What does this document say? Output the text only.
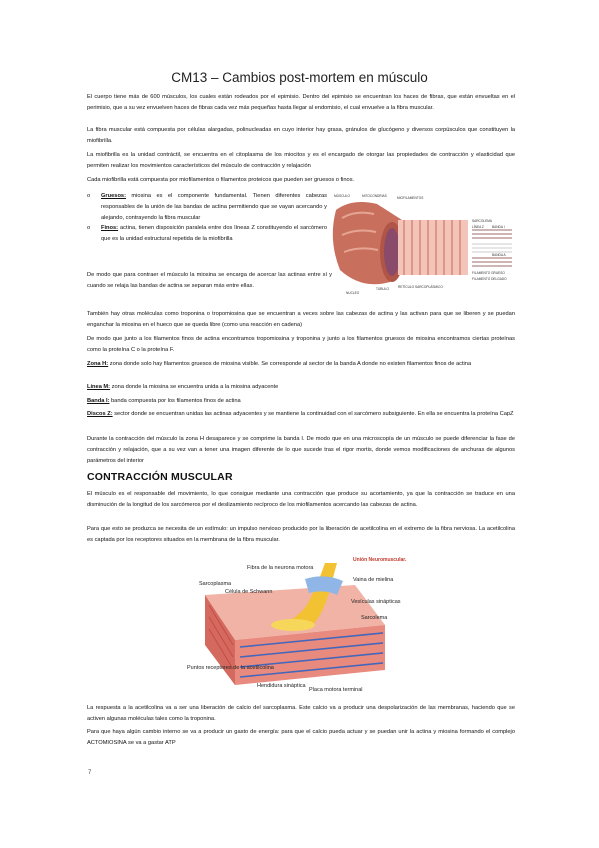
CM13 – Cambios post-mortem en músculo

El cuerpo tiene más de 600 músculos, los cuales están rodeados por el epimisio. Dentro del epimisio se encuentran los haces de fibras, que están envueltas en el perimisio, que a su vez envuelven haces de fibras cada vez más pequeñas hasta llegar al endomisio, el cual envuelve a la fibra muscular.

La fibra muscular está compuesta por células alargadas, polinucleadas en cuyo interior hay grasa, gránulos de glucógeno y diversos corpúsculos que constituyen la miofibrilla.

La miofibrilla es la unidad contráctil, se encuentra en el citoplasma de los miocitos y es el encargado de otorgar las propiedades de contracción y elasticidad que permiten realizar los movimientos característicos del músculo de contracción y relajación

Cada miofibrilla está compuesta por miofilamentos o filamentos proteicos que pueden ser gruesos o finos.

o Gruesos: miosina es el componente fundamental. Tienen diferentes cabezas responsables de la unión de las bandas de actina permitiendo que se vayan acercando y alejando, contrayendo la fibra muscular
o Finos: actina, tienen disposición paralela entre dos líneas Z constituyendo el sarcómero que es la unidad estructural repetida de la miofibrilla

De modo que para contraer el músculo la miosina se encarga de acercar las actinas entre sí y cuando se relaja las bandas de actina se separan más entre ellas.

MÚSCULO	MITOCONDRIAS	MIOFILAMENTOS
SARCOLEMA
NUCLEO
TÚBULO	RETÍCULO SARCOPLÁSMICO
LÍNEA Z	BANDA I
BANDA A
FILAMENTO GRUESO
FILAMENTO DELGADO

También hay otras moléculas como troponina o tropomiosina que se encuentran a veces sobre las cabezas de actina y las activan para que se liberen y se puedan enganchar la miosina en el hueco que se queda libre (como una reacción en cadena)

De modo que junto a los filamentos finos de actina encontramos tropomiosina y troponina y junto a los filamentos gruesos de miosina encontramos ciertas proteínas como la proteína C o la proteína F.

Zona H: zona donde solo hay filamentos gruesos de miosina visible. Se corresponde al sector de la banda A donde no existen filamentos finos de actina

Línea M: zona donde la miosina se encuentra unida a la miosina adyacente

Banda I: banda compuesta por los filamentos finos de actina

Discos Z: sector donde se encuentran unidas las actinas adyacentes y se mantiene la continuidad con el sarcómero subsiguiente. En ella se encuentra la proteína CapZ

Durante la contracción del músculo la zona H desaparece y se comprime la banda I. De modo que en una microscopía de un músculo se puede diferenciar la fase de contracción y relajación, que a su vez van a tener una imagen diferente de lo que sucede tras el rigor mortis, donde vemos modificaciones de anchuras de algunos parámetros del interior

CONTRACCIÓN MUSCULAR

El músculo es el responsable del movimiento, lo que consigue mediante una contracción que produce su acortamiento, ya que la contracción se traduce en una disminución de la longitud de los sarcómeros por el deslizamiento recíproco de los miofilamentos acercando las cabezas de actina.

Para que esto se produzca se necesita de un estímulo: un impulso nervioso producido por la liberación de acetilcolina en el extremo de la fibra nerviosa. La acetilcolina es captada por los receptores situados en la membrana de la fibra muscular.

Unión Neuromuscular.
Fibra de la neurona motora
Sarcoplasma
Célula de Schwann
Vaina de mielina
Vesículas sinápticas
Sarcolema
Puntos receptores de la acetilcolina
Hendidura sináptica
Placa motora terminal

La respuesta a la acetilcolina va a ser una liberación de calcio del sarcoplasma. Este calcio va a producir una despolarización de las membranas, haciendo que se activen algunas moléculas tales como la troponina.

Para que haya algún cambio interno se va a producir un gasto de energía: para que el calcio pueda actuar y se puedan unir la actina y miosina formando el complejo ACTOMIOSINA se va a gastar ATP

7
